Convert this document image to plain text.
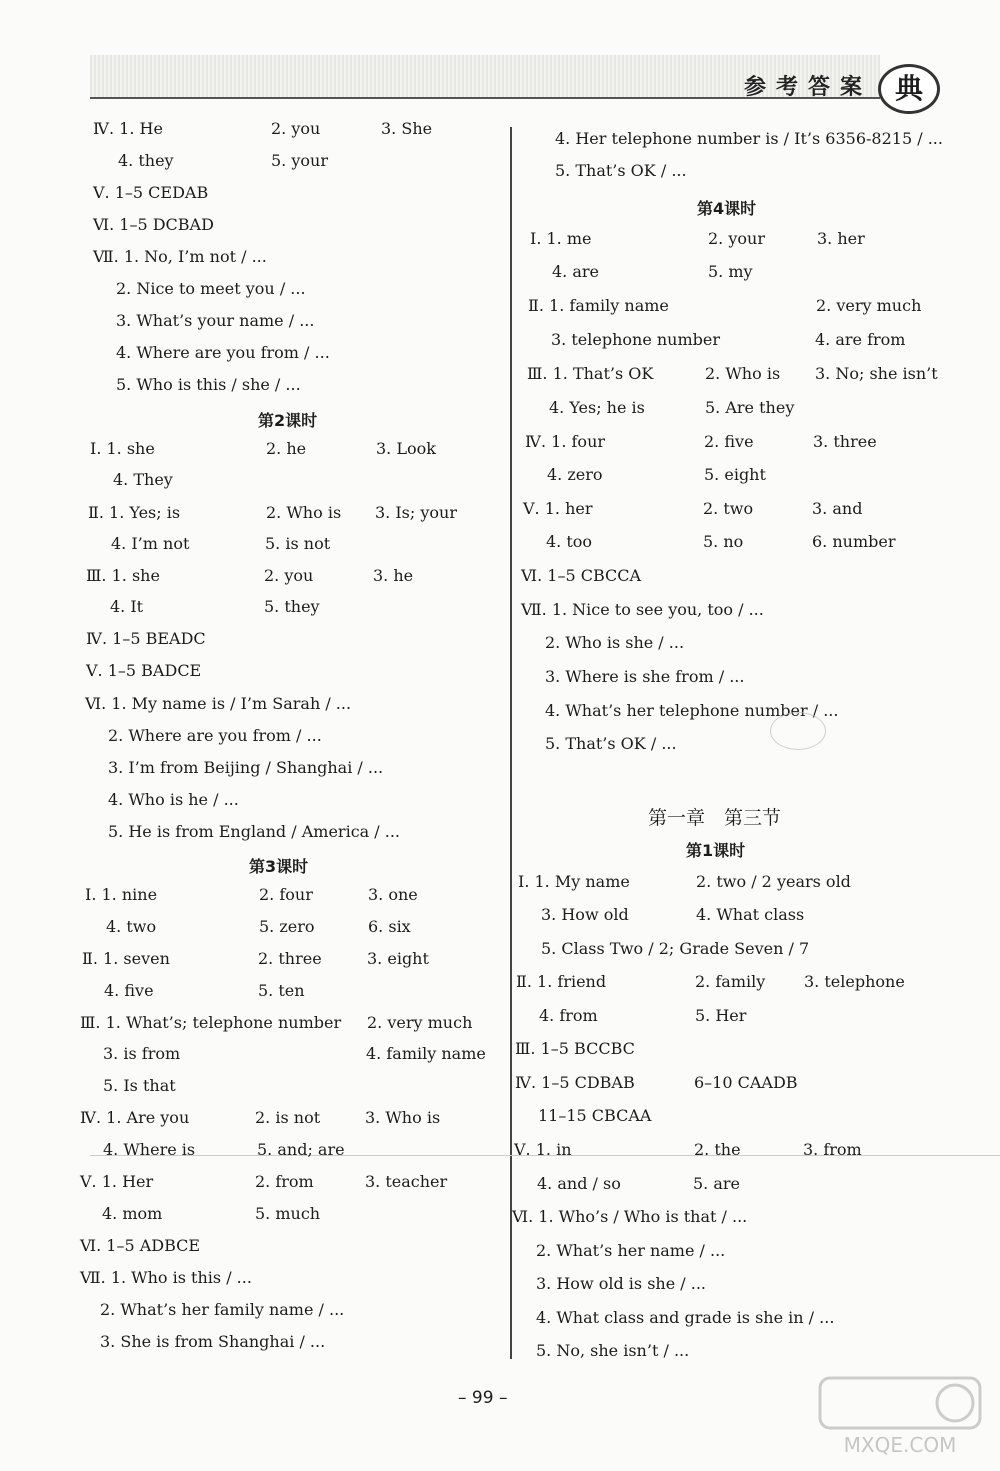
参考答案 典
Ⅳ. 1. He	2. you	3. She
4. they	5. your
Ⅴ. 1–5 CEDAB
Ⅵ. 1–5 DCBAD
Ⅶ. 1. No, I’m not / ...
2. Nice to meet you / ...
3. What’s your name / ...
4. Where are you from / ...
5. Who is this / she / ...
第2课时
Ⅰ. 1. she	2. he	3. Look
4. They
Ⅱ. 1. Yes; is	2. Who is 3. Is; your
4. I’m not	5. is not
Ⅲ. 1. she	2. you	3. he
4. It	5. they
Ⅳ. 1–5 BEADC
Ⅴ. 1–5 BADCE
Ⅵ. 1. My name is / I’m Sarah / ...
2. Where are you from / ...
3. I’m from Beijing / Shanghai / ...
4. Who is he / ...
5. He is from England / America / ...
第3课时
Ⅰ. 1. nine	2. four	3. one
4. two	5. zero	6. six
Ⅱ. 1. seven	2. three	3. eight
4. five	5. ten
Ⅲ. 1. What’s; telephone number 2. very much
3. is from	4. family name
5. Is that
Ⅳ. 1. Are you	2. is not	3. Who is
4. Where is	5. and; are
Ⅴ. 1. Her	2. from	3. teacher
4. mom	5. much
Ⅵ. 1–5 ADBCE
Ⅶ. 1. Who is this / ...
2. What’s her family name / ...
3. She is from Shanghai / ...
4. Her telephone number is / It’s 6356-8215 / ...
5. That’s OK / ...
第4课时
Ⅰ. 1. me	2. your	3. her
4. are	5. my
Ⅱ. 1. family name	2. very much
3. telephone number	4. are from
Ⅲ. 1. That’s OK	2. Who is 3. No; she isn’t
4. Yes; he is	5. Are they
Ⅳ. 1. four	2. five	3. three
4. zero	5. eight
Ⅴ. 1. her	2. two	3. and
4. too	5. no	6. number
Ⅵ. 1–5 CBCCA
Ⅶ. 1. Nice to see you, too / ...
2. Who is she / ...
3. Where is she from / ...
4. What’s her telephone number / ...
5. That’s OK / ...
第一章　第三节
第1课时
Ⅰ. 1. My name	2. two / 2 years old
3. How old	4. What class
5. Class Two / 2; Grade Seven / 7
Ⅱ. 1. friend	2. family 3. telephone
4. from	5. Her
Ⅲ. 1–5 BCCBC
Ⅳ. 1–5 CDBAB	6–10 CAADB
11–15 CBCAA
Ⅴ. 1. in	2. the	3. from
4. and / so	5. are
Ⅵ. 1. Who’s / Who is that / ...
2. What’s her name / ...
3. How old is she / ...
4. What class and grade is she in / ...
5. No, she isn’t / ...
– 99 –
MXQE.COM
